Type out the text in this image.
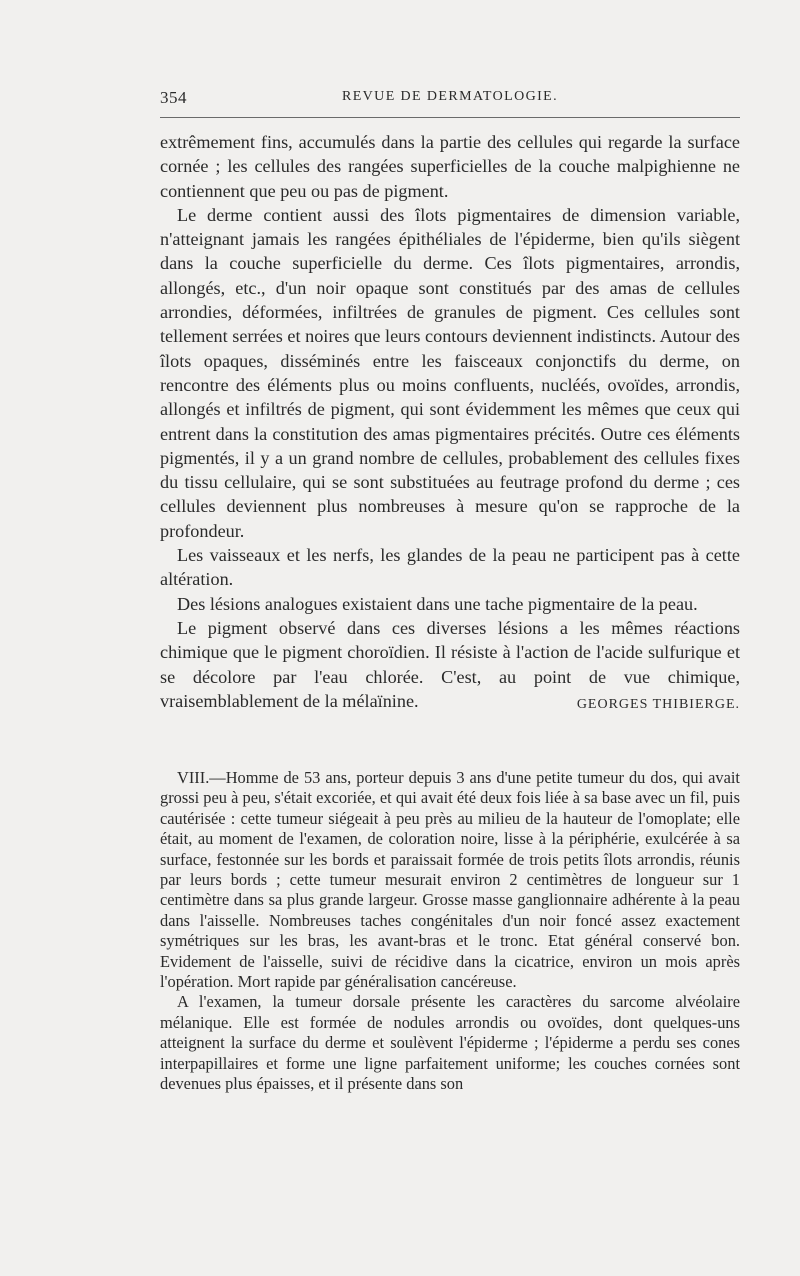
354	REVUE DE DERMATOLOGIE.

extrêmement fins, accumulés dans la partie des cellules qui regarde la surface cornée ; les cellules des rangées superficielles de la couche malpighienne ne contiennent que peu ou pas de pigment.

Le derme contient aussi des îlots pigmentaires de dimension variable, n'atteignant jamais les rangées épithéliales de l'épiderme, bien qu'ils siègent dans la couche superficielle du derme. Ces îlots pigmentaires, arrondis, allongés, etc., d'un noir opaque sont constitués par des amas de cellules arrondies, déformées, infiltrées de granules de pigment. Ces cellules sont tellement serrées et noires que leurs contours deviennent indistincts. Autour des îlots opaques, disséminés entre les faisceaux conjonctifs du derme, on rencontre des éléments plus ou moins confluents, nucléés, ovoïdes, arrondis, allongés et infiltrés de pigment, qui sont évidemment les mêmes que ceux qui entrent dans la constitution des amas pigmentaires précités. Outre ces éléments pigmentés, il y a un grand nombre de cellules, probablement des cellules fixes du tissu cellulaire, qui se sont substituées au feutrage profond du derme ; ces cellules deviennent plus nombreuses à mesure qu'on se rapproche de la profondeur.

Les vaisseaux et les nerfs, les glandes de la peau ne participent pas à cette altération.

Des lésions analogues existaient dans une tache pigmentaire de la peau.

Le pigment observé dans ces diverses lésions a les mêmes réactions chimique que le pigment choroïdien. Il résiste à l'action de l'acide sulfurique et se décolore par l'eau chlorée. C'est, au point de vue chimique, vraisemblablement de la mélaïnine.	GEORGES THIBIERGE.

VIII.—Homme de 53 ans, porteur depuis 3 ans d'une petite tumeur du dos, qui avait grossi peu à peu, s'était excoriée, et qui avait été deux fois liée à sa base avec un fil, puis cautérisée : cette tumeur siégeait à peu près au milieu de la hauteur de l'omoplate; elle était, au moment de l'examen, de coloration noire, lisse à la périphérie, exulcérée à sa surface, festonnée sur les bords et paraissait formée de trois petits îlots arrondis, réunis par leurs bords ; cette tumeur mesurait environ 2 centimètres de longueur sur 1 centimètre dans sa plus grande largeur. Grosse masse ganglionnaire adhérente à la peau dans l'aisselle. Nombreuses taches congénitales d'un noir foncé assez exactement symétriques sur les bras, les avant-bras et le tronc. Etat général conservé bon. Evidement de l'aisselle, suivi de récidive dans la cicatrice, environ un mois après l'opération. Mort rapide par généralisation cancéreuse.

A l'examen, la tumeur dorsale présente les caractères du sarcome alvéolaire mélanique. Elle est formée de nodules arrondis ou ovoïdes, dont quelques-uns atteignent la surface du derme et soulèvent l'épiderme ; l'épiderme a perdu ses cones interpapillaires et forme une ligne parfaitement uniforme; les couches cornées sont devenues plus épaisses, et il présente dans son
